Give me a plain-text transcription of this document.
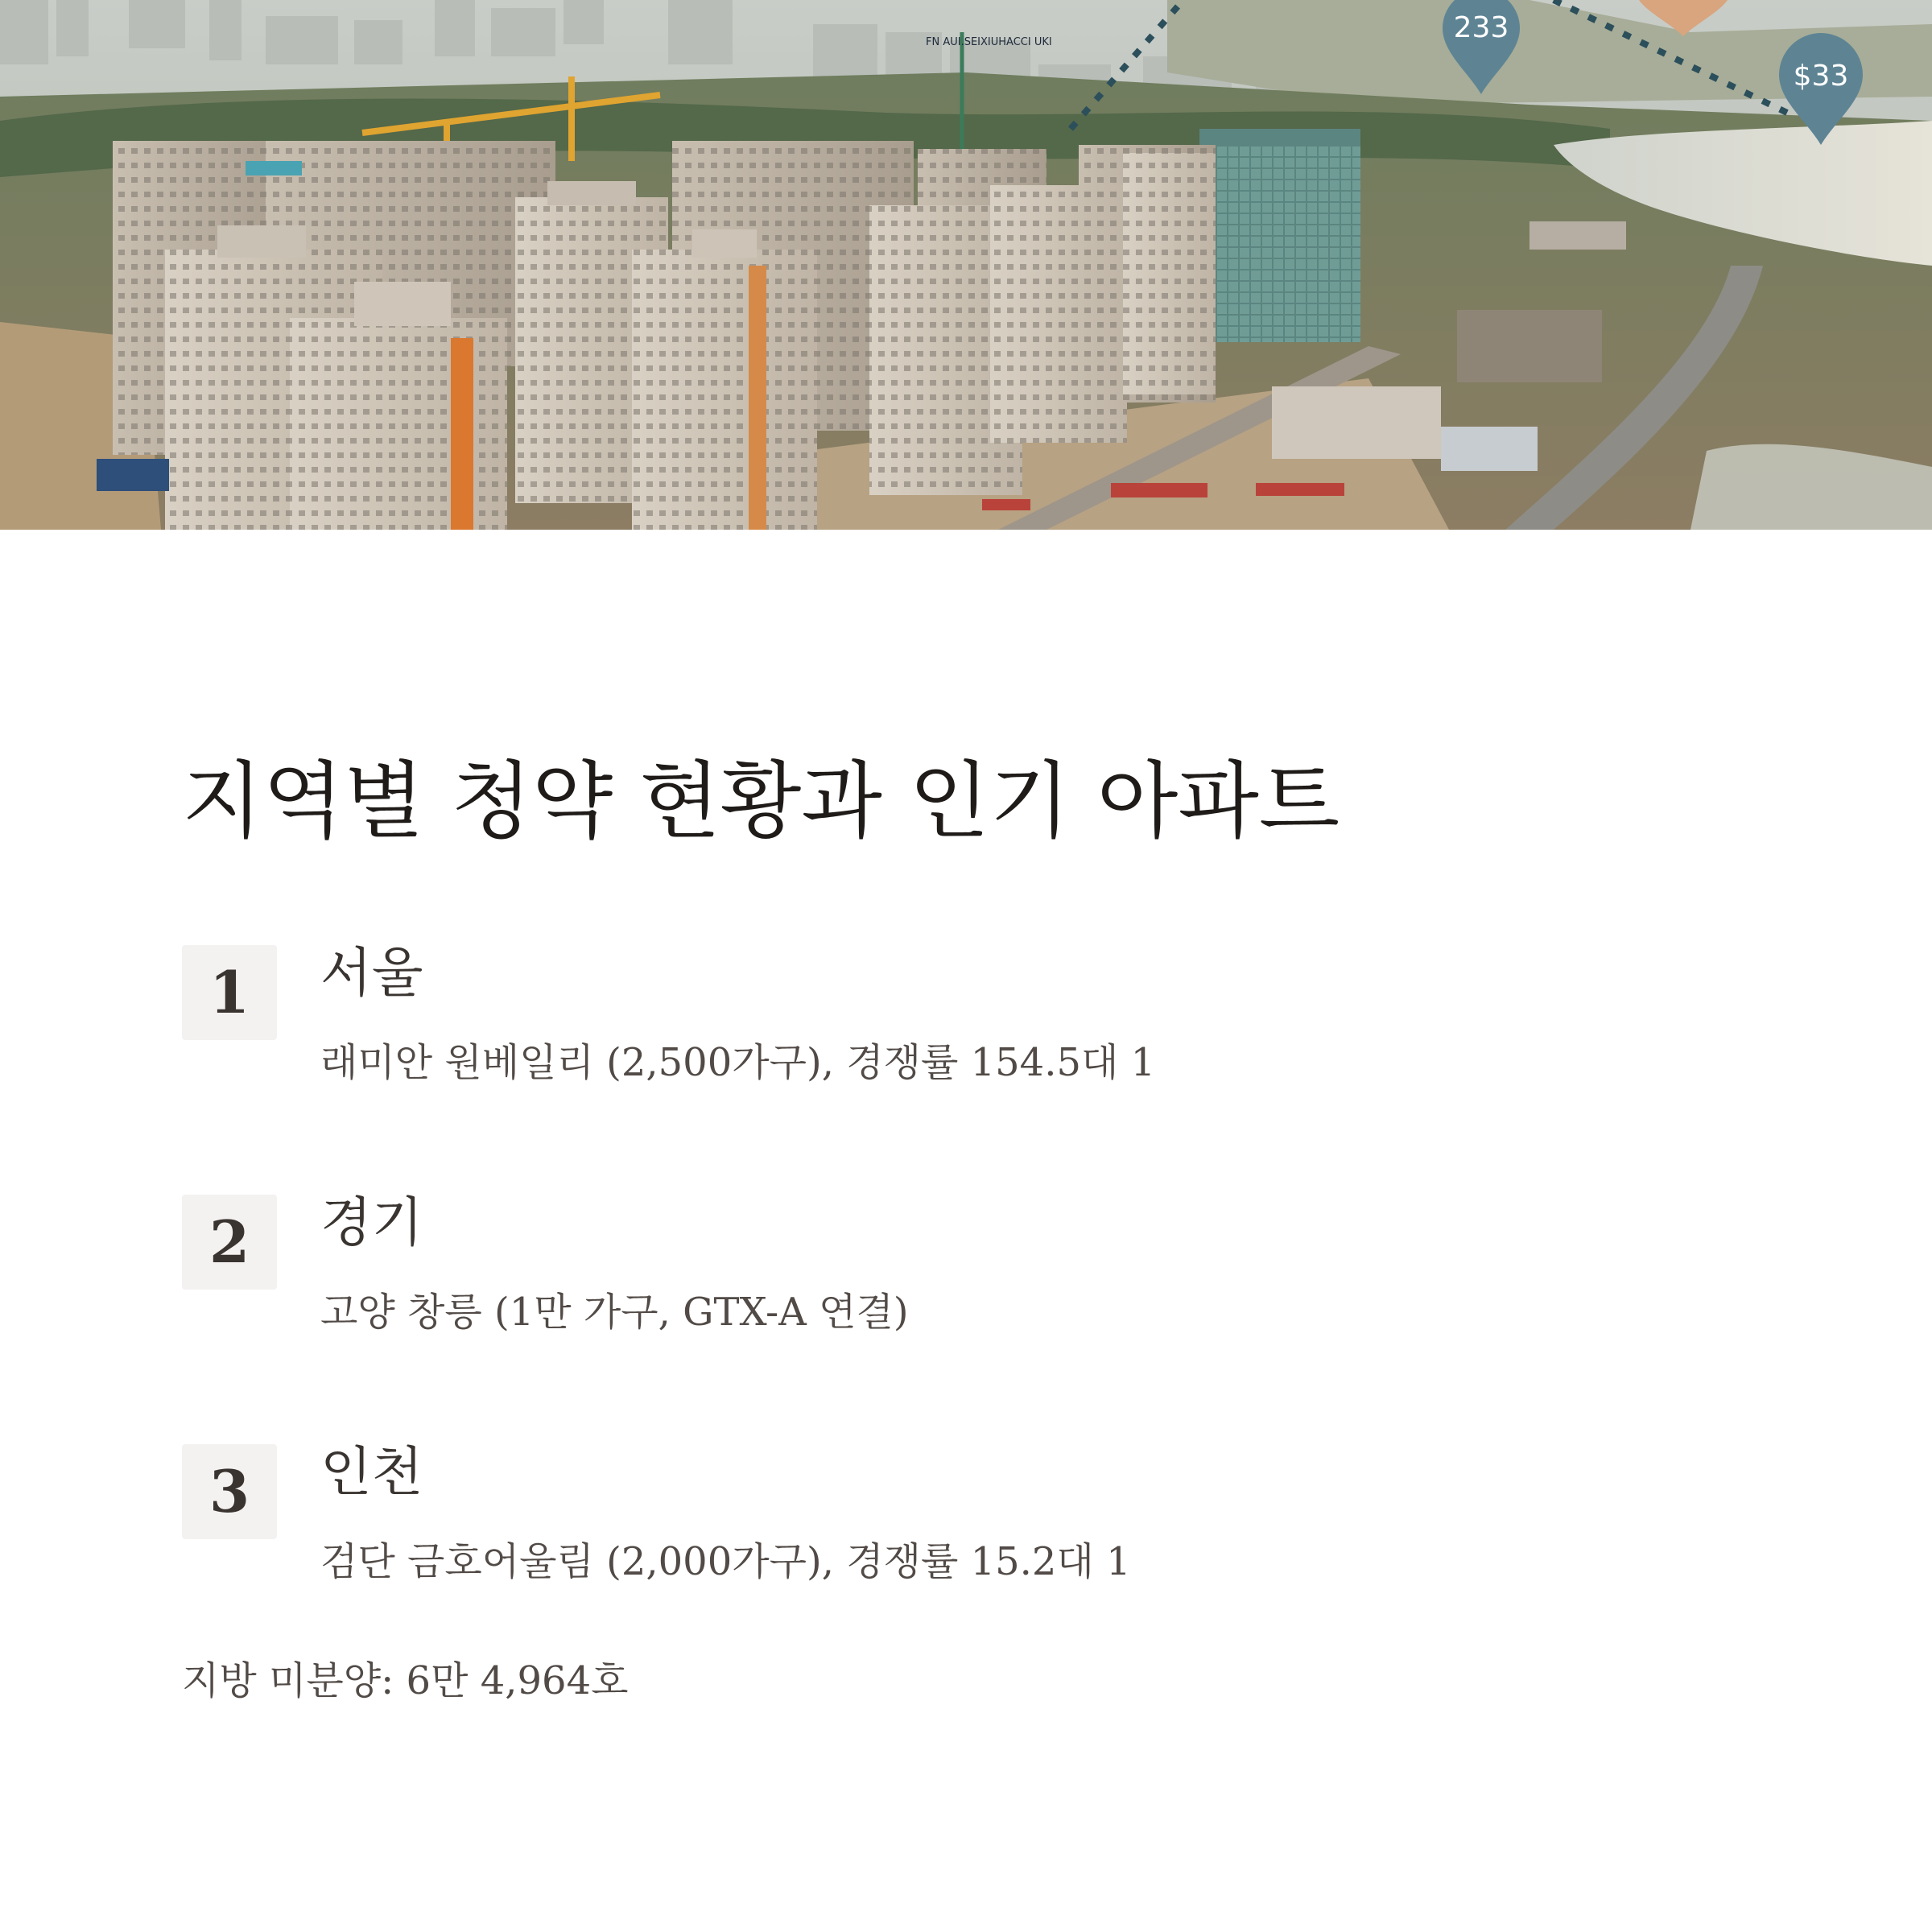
FN AUI.SEIXIUHACCI UKI	233
$33
지역별 청약 현황과 인기 아파트
1	서울
래미안 원베일리 (2,500가구), 경쟁률 154.5대 1
2	경기
고양 창릉 (1만 가구, GTX-A 연결)
3	인천
검단 금호어울림 (2,000가구), 경쟁률 15.2대 1
지방 미분양: 6만 4,964호
